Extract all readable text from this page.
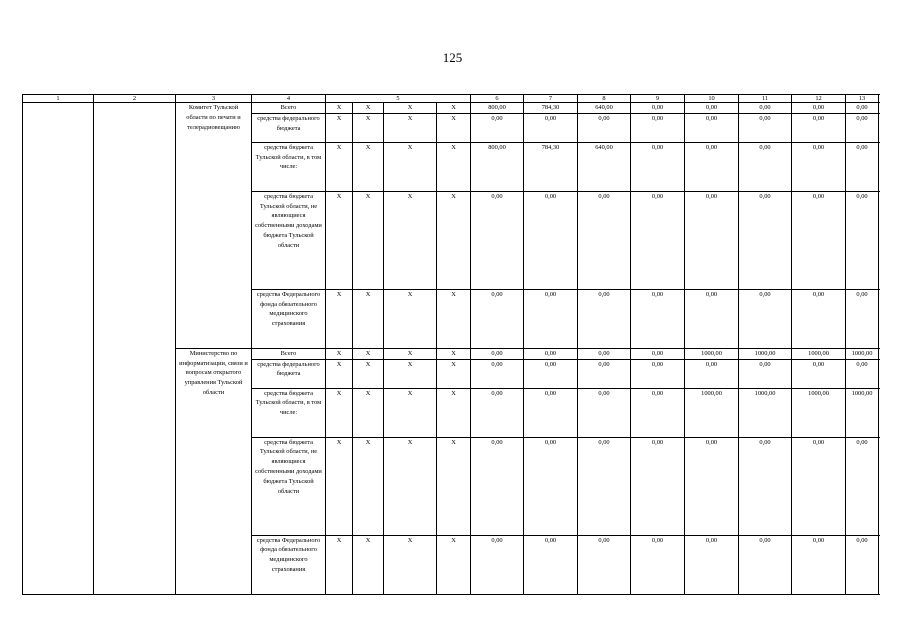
125
1	2	3	4	5				6	7	8	9	10	11	12	13
		Комитет Тульской области по печати и телерадиовещанию	Всего	X	X	X	X	800,00	784,30	640,00	0,00	0,00	0,00	0,00	0,00
			средства федерального бюджета	X	X	X	X	0,00	0,00	0,00	0,00	0,00	0,00	0,00	0,00
			средства бюджета Тульской области, в том числе:	X	X	X	X	800,00	784,30	640,00	0,00	0,00	0,00	0,00	0,00
			средства бюджета Тульской области, не являющиеся собственными доходами бюджета Тульской области	X	X	X	X	0,00	0,00	0,00	0,00	0,00	0,00	0,00	0,00
			средства Федерального фонда обязательного медицинского страхования	X	X	X	X	0,00	0,00	0,00	0,00	0,00	0,00	0,00	0,00
		Министерство по информатизации, связи и вопросам открытого управления Тульской области	Всего	X	X	X	X	0,00	0,00	0,00	0,00	1000,00	1000,00	1000,00	1000,00
			средства федерального бюджета	X	X	X	X	0,00	0,00	0,00	0,00	0,00	0,00	0,00	0,00
			средства бюджета Тульской области, в том числе:	X	X	X	X	0,00	0,00	0,00	0,00	1000,00	1000,00	1000,00	1000,00
			средства бюджета Тульской области, не являющиеся собственными доходами бюджета Тульской области	X	X	X	X	0,00	0,00	0,00	0,00	0,00	0,00	0,00	0,00
			средства Федерального фонда обязательного медицинского страхования	X	X	X	X	0,00	0,00	0,00	0,00	0,00	0,00	0,00	0,00
